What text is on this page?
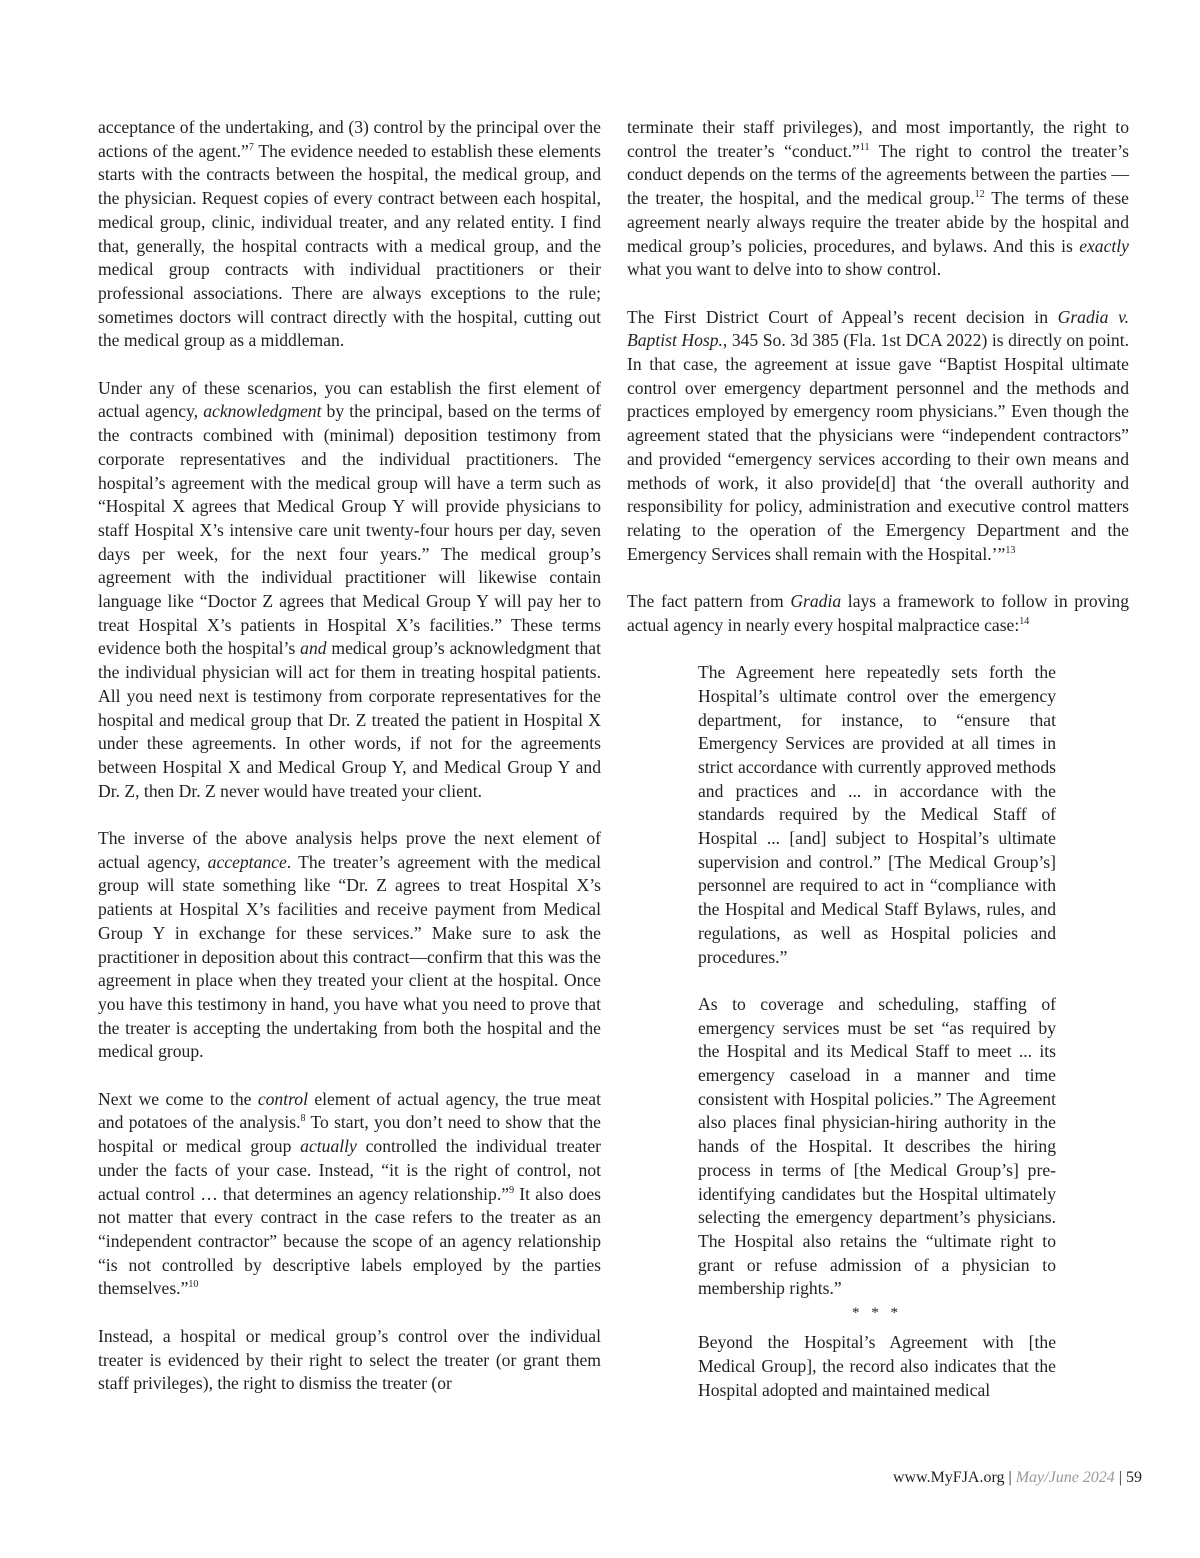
acceptance of the undertaking, and (3) control by the principal over the actions of the agent.”$^7$ The evidence needed to establish these elements starts with the contracts between the hospital, the medical group, and the physician. Request copies of every contract between each hospital, medical group, clinic, individual treater, and any related entity. I find that, generally, the hospital contracts with a medical group, and the medical group contracts with individual practitioners or their professional associations. There are always exceptions to the rule; sometimes doctors will contract directly with the hospital, cutting out the medical group as a middleman.

Under any of these scenarios, you can establish the first element of actual agency, acknowledgment by the principal, based on the terms of the contracts combined with (minimal) deposition testimony from corporate representatives and the individual practitioners. The hospital’s agreement with the medical group will have a term such as “Hospital X agrees that Medical Group Y will provide physicians to staff Hospital X’s intensive care unit twenty-four hours per day, seven days per week, for the next four years.” The medical group’s agreement with the individual practitioner will likewise contain language like “Doctor Z agrees that Medical Group Y will pay her to treat Hospital X’s patients in Hospital X’s facilities.” These terms evidence both the hospital’s and medical group’s acknowledgment that the individual physician will act for them in treating hospital patients. All you need next is testimony from corporate representatives for the hospital and medical group that Dr. Z treated the patient in Hospital X under these agreements. In other words, if not for the agreements between Hospital X and Medical Group Y, and Medical Group Y and Dr. Z, then Dr. Z never would have treated your client.

The inverse of the above analysis helps prove the next element of actual agency, acceptance. The treater’s agreement with the medical group will state something like “Dr. Z agrees to treat Hospital X’s patients at Hospital X’s facilities and receive payment from Medical Group Y in exchange for these services.” Make sure to ask the practitioner in deposition about this contract—confirm that this was the agreement in place when they treated your client at the hospital. Once you have this testimony in hand, you have what you need to prove that the treater is accepting the undertaking from both the hospital and the medical group.

Next we come to the control element of actual agency, the true meat and potatoes of the analysis.$^8$ To start, you don’t need to show that the hospital or medical group actually controlled the individual treater under the facts of your case. Instead, “it is the right of control, not actual control … that determines an agency relationship.”$^9$ It also does not matter that every contract in the case refers to the treater as an “independent contractor” because the scope of an agency relationship “is not controlled by descriptive labels employed by the parties themselves.”$^{10}$

Instead, a hospital or medical group’s control over the individual treater is evidenced by their right to select the treater (or grant them staff privileges), the right to dismiss the treater (or

terminate their staff privileges), and most importantly, the right to control the treater’s “conduct.”$^{11}$ The right to control the treater’s conduct depends on the terms of the agreements between the parties — the treater, the hospital, and the medical group.$^{12}$ The terms of these agreement nearly always require the treater abide by the hospital and medical group’s policies, procedures, and bylaws. And this is exactly what you want to delve into to show control.

The First District Court of Appeal’s recent decision in Gradia v. Baptist Hosp., 345 So. 3d 385 (Fla. 1st DCA 2022) is directly on point. In that case, the agreement at issue gave “Baptist Hospital ultimate control over emergency department personnel and the methods and practices employed by emergency room physicians.” Even though the agreement stated that the physicians were “independent contractors” and provided “emergency services according to their own means and methods of work, it also provide[d] that ‘the overall authority and responsibility for policy, administration and executive control matters relating to the operation of the Emergency Department and the Emergency Services shall remain with the Hospital.’”$^{13}$

The fact pattern from Gradia lays a framework to follow in proving actual agency in nearly every hospital malpractice case:$^{14}$

The Agreement here repeatedly sets forth the Hospital’s ultimate control over the emergency department, for instance, to “ensure that Emergency Services are provided at all times in strict accordance with currently approved methods and practices and ... in accordance with the standards required by the Medical Staff of Hospital ... [and] subject to Hospital’s ultimate supervision and control.” [The Medical Group’s] personnel are required to act in “compliance with the Hospital and Medical Staff Bylaws, rules, and regulations, as well as Hospital policies and procedures.”

As to coverage and scheduling, staffing of emergency services must be set “as required by the Hospital and its Medical Staff to meet ... its emergency caseload in a manner and time consistent with Hospital policies.” The Agreement also places final physician-hiring authority in the hands of the Hospital. It describes the hiring process in terms of [the Medical Group’s] pre-identifying candidates but the Hospital ultimately selecting the emergency department’s physicians. The Hospital also retains the “ultimate right to grant or refuse admission of a physician to membership rights.”

* * *

Beyond the Hospital’s Agreement with [the Medical Group], the record also indicates that the Hospital adopted and maintained medical

www.MyFJA.org | May/June 2024 | 59
